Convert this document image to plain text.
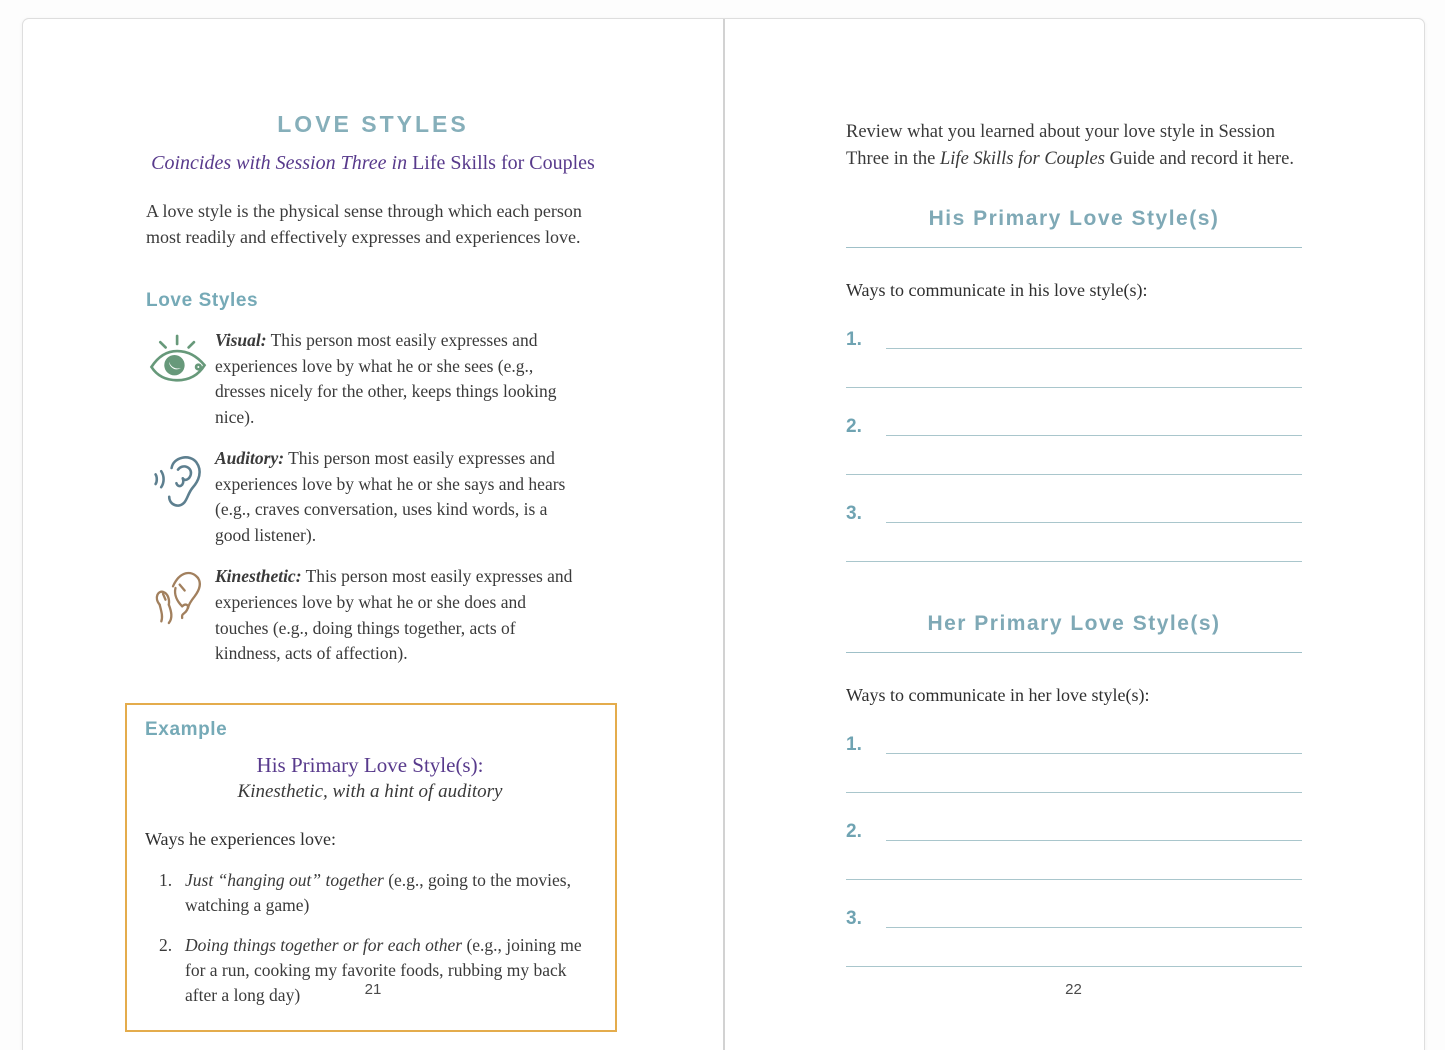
LOVE STYLES

Coincides with Session Three in Life Skills for Couples

A love style is the physical sense through which each person most readily and effectively expresses and experiences love.

Love Styles

Visual: This person most easily expresses and experiences love by what he or she sees (e.g., dresses nicely for the other, keeps things looking nice).

Auditory: This person most easily expresses and experiences love by what he or she says and hears (e.g., craves conversation, uses kind words, is a good listener).

Kinesthetic: This person most easily expresses and experiences love by what he or she does and touches (e.g., doing things together, acts of kindness, acts of affection).

Example
His Primary Love Style(s):
Kinesthetic, with a hint of auditory
Ways he experiences love:
1. Just “hanging out” together (e.g., going to the movies, watching a game)
2. Doing things together or for each other (e.g., joining me for a run, cooking my favorite foods, rubbing my back after a long day)	21

Review what you learned about your love style in Session Three in the Life Skills for Couples Guide and record it here.

His Primary Love Style(s)

Ways to communicate in his love style(s):

1.
2.
3.
Her Primary Love Style(s)

Ways to communicate in her love style(s):

1.
2.
3.
22
